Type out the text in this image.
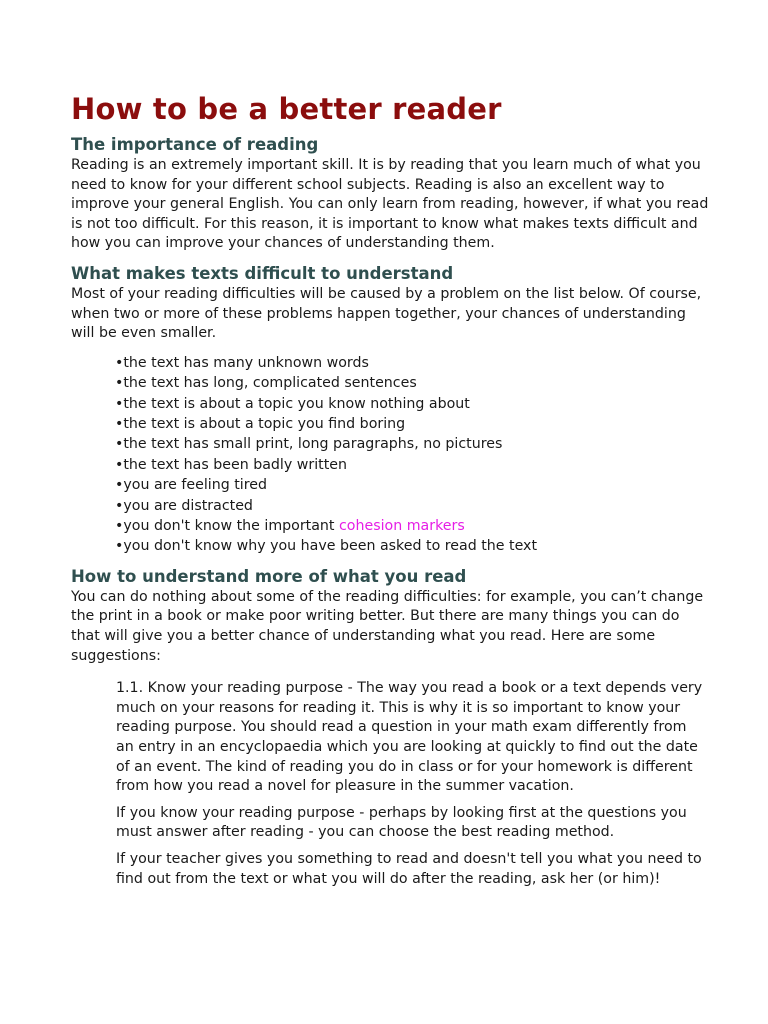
How to be a better reader
The importance of reading

Reading is an extremely important skill. It is by reading that you learn much of what you need to know for your different school subjects. Reading is also an excellent way to improve your general English. You can only learn from reading, however, if what you read is not too difficult. For this reason, it is important to know what makes texts difficult and how you can improve your chances of understanding them.

What makes texts difficult to understand

Most of your reading difficulties will be caused by a problem on the list below. Of course, when two or more of these problems happen together, your chances of understanding will be even smaller.

•the text has many unknown words
•the text has long, complicated sentences
•the text is about a topic you know nothing about
•the text is about a topic you find boring
•the text has small print, long paragraphs, no pictures
•the text has been badly written
•you are feeling tired
•you are distracted
•you don't know the important cohesion markers
•you don't know why you have been asked to read the text
How to understand more of what you read

You can do nothing about some of the reading difficulties: for example, you can’t change the print in a book or make poor writing better. But there are many things you can do that will give you a better chance of understanding what you read. Here are some suggestions:

1.1. Know your reading purpose - The way you read a book or a text depends very much on your reasons for reading it. This is why it is so important to know your reading purpose. You should read a question in your math exam differently from an entry in an encyclopaedia which you are looking at quickly to find out the date of an event. The kind of reading you do in class or for your homework is different from how you read a novel for pleasure in the summer vacation.

If you know your reading purpose - perhaps by looking first at the questions you must answer after reading - you can choose the best reading method.

If your teacher gives you something to read and doesn't tell you what you need to find out from the text or what you will do after the reading, ask her (or him)!
